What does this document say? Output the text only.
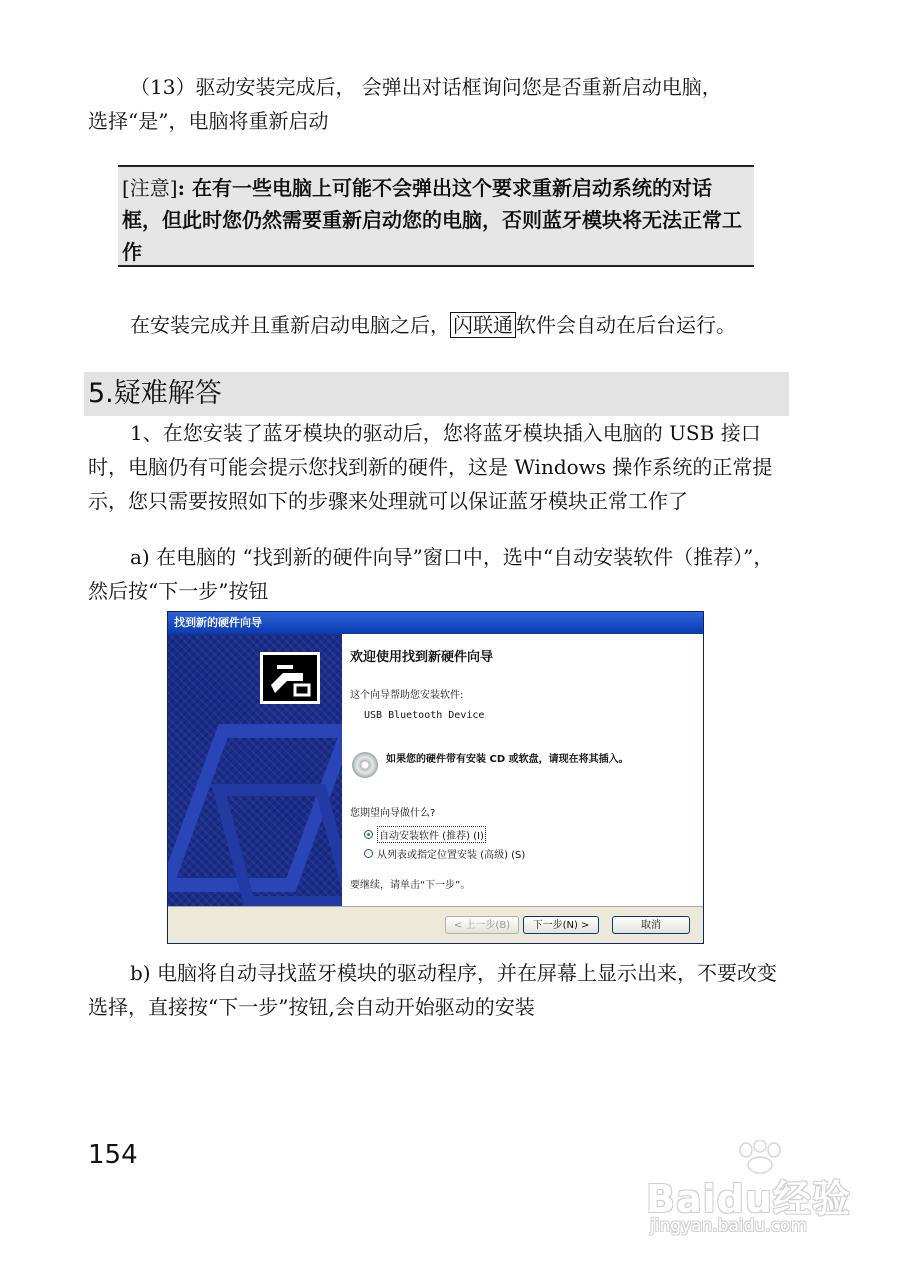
（13）驱动安装完成后， 会弹出对话框询问您是否重新启动电脑，
选择“是”，电脑将重新启动

[注意]: 在有一些电脑上可能不会弹出这个要求重新启动系统的对话框，但此时您仍然需要重新启动您的电脑，否则蓝牙模块将无法正常工作

在安装完成并且重新启动电脑之后， 闪联通 软件会自动在后台运行。

5.疑难解答

1、在您安装了蓝牙模块的驱动后，您将蓝牙模块插入电脑的 USB 接口时，电脑仍有可能会提示您找到新的硬件，这是 Windows 操作系统的正常提示，您只需要按照如下的步骤来处理就可以保证蓝牙模块正常工作了

a) 在电脑的 “找到新的硬件向导”窗口中，选中“自动安装软件（推荐）”，然后按“下一步”按钮

找到新的硬件向导
欢迎使用找到新硬件向导
这个向导帮助您安装软件:
USB Bluetooth Device
如果您的硬件带有安装 CD 或软盘，请现在将其插入。
您期望向导做什么?
自动安装软件 (推荐) (I)
从列表或指定位置安装 (高级) (S)
要继续，请单击“下一步”。
< 上一步(B)	下一步(N) >	取消

b) 电脑将自动寻找蓝牙模块的驱动程序，并在屏幕上显示出来，不要改变选择，直接按“下一步”按钮,会自动开始驱动的安装

154
Baidu经验
jingyan.baidu.com
